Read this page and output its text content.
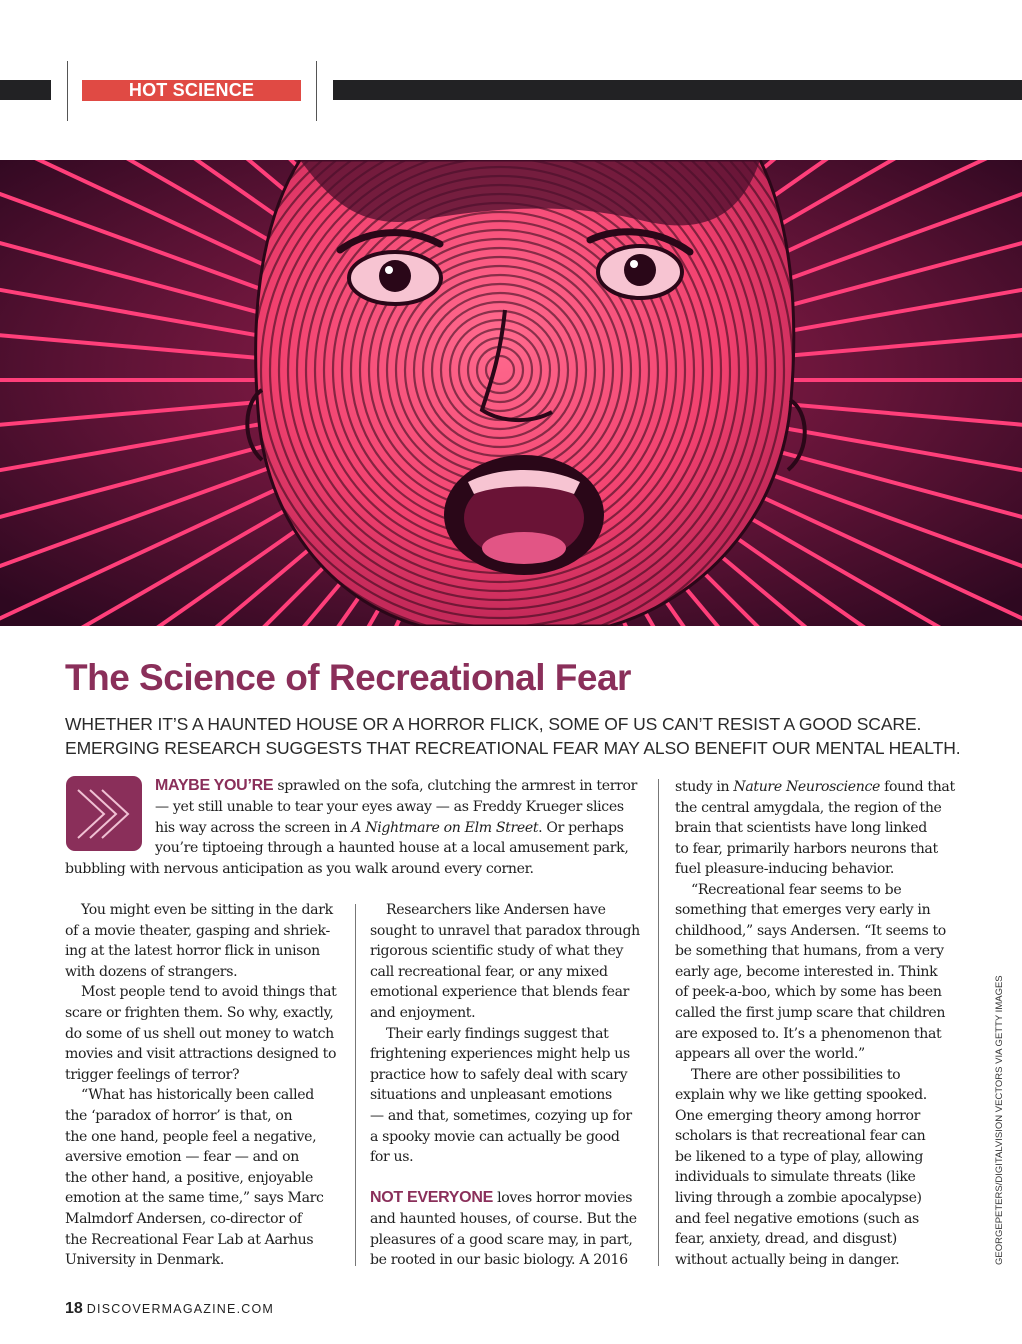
HOT SCIENCE
The Science of Recreational Fear
WHETHER IT’S A HAUNTED HOUSE OR A HORROR FLICK, SOME OF US CAN’T RESIST A GOOD SCARE.
EMERGING RESEARCH SUGGESTS THAT RECREATIONAL FEAR MAY ALSO BENEFIT OUR MENTAL HEALTH.
MAYBE YOU’RE sprawled on the sofa, clutching the armrest in terror
— yet still unable to tear your eyes away — as Freddy Krueger slices
his way across the screen in A Nightmare on Elm Street. Or perhaps
you’re tiptoeing through a haunted house at a local amusement park,
bubbling with nervous anticipation as you walk around every corner.
You might even be sitting in the dark
of a movie theater, gasping and shriek-
ing at the latest horror flick in unison
with dozens of strangers.
Most people tend to avoid things that
scare or frighten them. So why, exactly,
do some of us shell out money to watch
movies and visit attractions designed to
trigger feelings of terror?
“What has historically been called
the ‘paradox of horror’ is that, on
the one hand, people feel a negative,
aversive emotion — fear — and on
the other hand, a positive, enjoyable
emotion at the same time,” says Marc
Malmdorf Andersen, co-director of
the Recreational Fear Lab at Aarhus
University in Denmark.
Researchers like Andersen have
sought to unravel that paradox through
rigorous scientific study of what they
call recreational fear, or any mixed
emotional experience that blends fear
and enjoyment.
Their early findings suggest that
frightening experiences might help us
practice how to safely deal with scary
situations and unpleasant emotions
— and that, sometimes, cozying up for
a spooky movie can actually be good
for us.
NOT EVERYONE loves horror movies
and haunted houses, of course. But the
pleasures of a good scare may, in part,
be rooted in our basic biology. A 2016
study in Nature Neuroscience found that
the central amygdala, the region of the
brain that scientists have long linked
to fear, primarily harbors neurons that
fuel pleasure-inducing behavior.
“Recreational fear seems to be
something that emerges very early in
childhood,” says Andersen. “It seems to
be something that humans, from a very
early age, become interested in. Think
of peek-a-boo, which by some has been
called the first jump scare that children
are exposed to. It’s a phenomenon that
appears all over the world.”
There are other possibilities to
explain why we like getting spooked.
One emerging theory among horror
scholars is that recreational fear can
be likened to a type of play, allowing
individuals to simulate threats (like
living through a zombie apocalypse)
and feel negative emotions (such as
fear, anxiety, dread, and disgust)
without actually being in danger.	GEORGEPETERS/DIGITALVISION VECTORS VIA GETTY IMAGES
18 DISCOVERMAGAZINE.COM
